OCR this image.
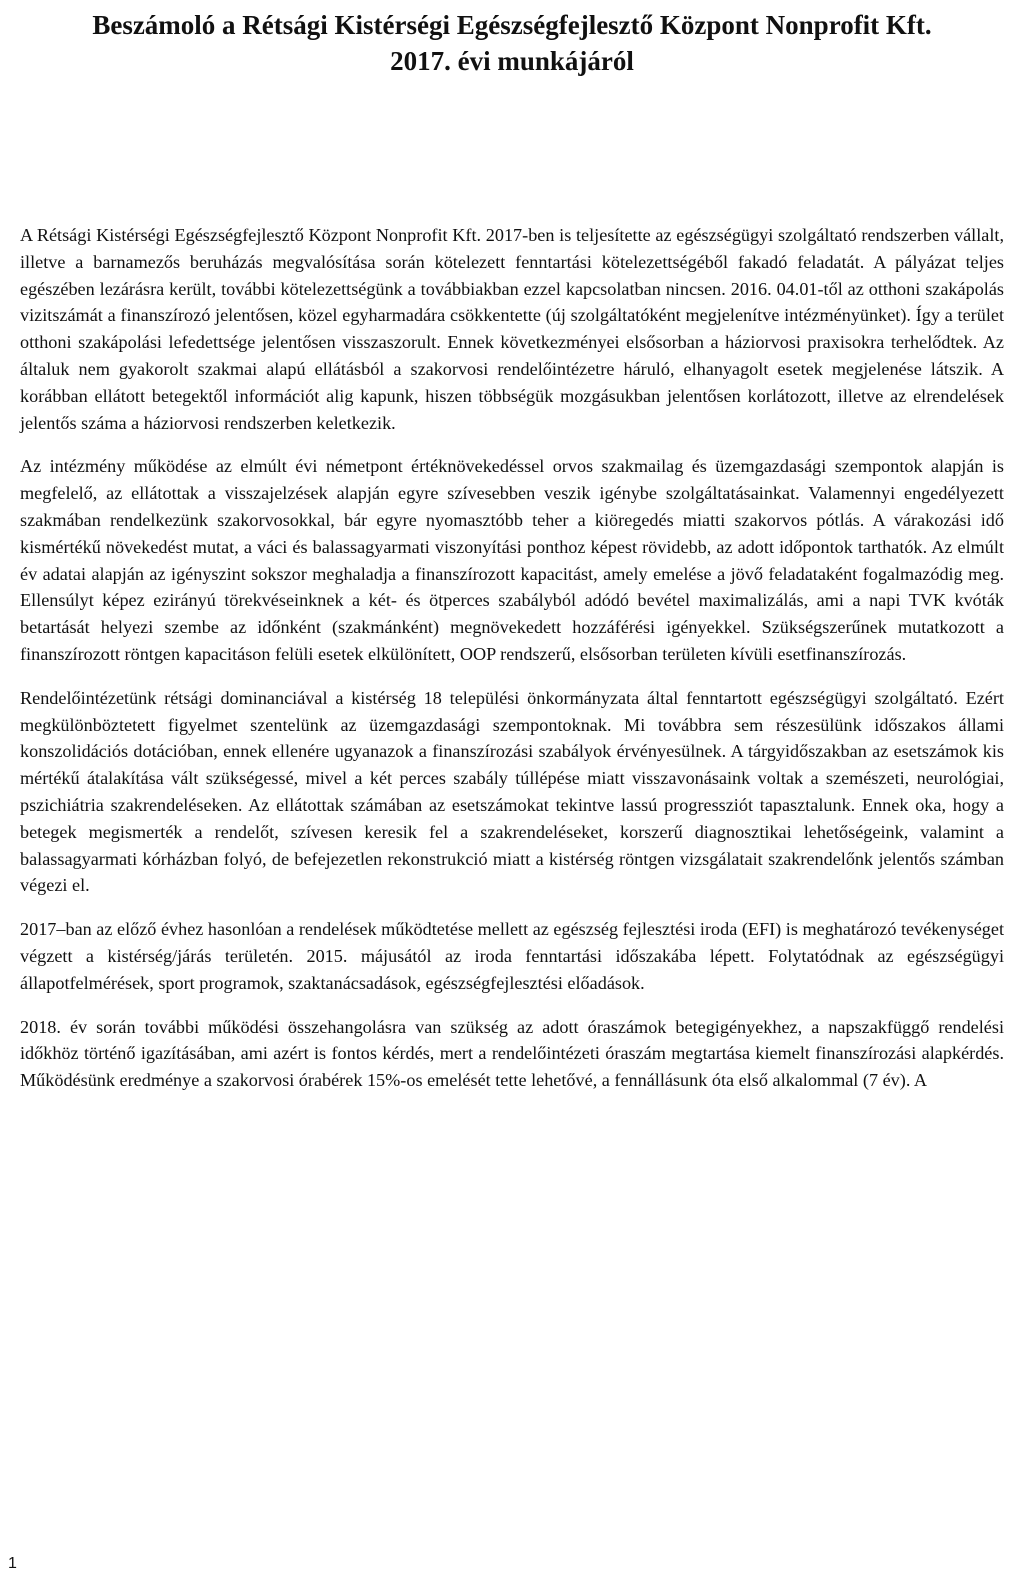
Beszámoló a Rétsági Kistérségi Egészségfejlesztő Központ Nonprofit Kft.
2017. évi munkájáról

A Rétsági Kistérségi Egészségfejlesztő Központ Nonprofit Kft. 2017-ben is teljesítette az egészségügyi szolgáltató rendszerben vállalt, illetve a barnamezős beruházás megvalósítása során kötelezett fenntartási kötelezettségéből fakadó feladatát. A pályázat teljes egészében lezárásra került, további kötelezettségünk a továbbiakban ezzel kapcsolatban nincsen. 2016. 04.01-től az otthoni szakápolás vizitszámát a finanszírozó jelentősen, közel egyharmadára csökkentette (új szolgáltatóként megjelenítve intézményünket). Így a terület otthoni szakápolási lefedettsége jelentősen visszaszorult. Ennek következményei elsősorban a háziorvosi praxisokra terhelődtek. Az általuk nem gyakorolt szakmai alapú ellátásból a szakorvosi rendelőintézetre háruló, elhanyagolt esetek megjelenése látszik. A korábban ellátott betegektől információt alig kapunk, hiszen többségük mozgásukban jelentősen korlátozott, illetve az elrendelések jelentős száma a háziorvosi rendszerben keletkezik.

Az intézmény működése az elmúlt évi németpont értéknövekedéssel orvos szakmailag és üzemgazdasági szempontok alapján is megfelelő, az ellátottak a visszajelzések alapján egyre szívesebben veszik igénybe szolgáltatásainkat. Valamennyi engedélyezett szakmában rendelkezünk szakorvosokkal, bár egyre nyomasztóbb teher a kiöregedés miatti szakorvos pótlás. A várakozási idő kismértékű növekedést mutat, a váci és balassagyarmati viszonyítási ponthoz képest rövidebb, az adott időpontok tarthatók. Az elmúlt év adatai alapján az igényszint sokszor meghaladja a finanszírozott kapacitást, amely emelése a jövő feladataként fogalmazódig meg. Ellensúlyt képez ezirányú törekvéseinknek a két- és ötperces szabályból adódó bevétel maximalizálás, ami a napi TVK kvóták betartását helyezi szembe az időnként (szakmánként) megnövekedett hozzáférési igényekkel. Szükségszerűnek mutatkozott a finanszírozott röntgen kapacitáson felüli esetek elkülönített, OOP rendszerű, elsősorban területen kívüli esetfinanszírozás.

Rendelőintézetünk rétsági dominanciával a kistérség 18 települési önkormányzata által fenntartott egészségügyi szolgáltató. Ezért megkülönböztetett figyelmet szentelünk az üzemgazdasági szempontoknak. Mi továbbra sem részesülünk időszakos állami konszolidációs dotációban, ennek ellenére ugyanazok a finanszírozási szabályok érvényesülnek. A tárgyidőszakban az esetszámok kis mértékű átalakítása vált szükségessé, mivel a két perces szabály túllépése miatt visszavonásaink voltak a szemészeti, neurológiai, pszichiátria szakrendeléseken. Az ellátottak számában az esetszámokat tekintve lassú progressziót tapasztalunk. Ennek oka, hogy a betegek megismerték a rendelőt, szívesen keresik fel a szakrendeléseket, korszerű diagnosztikai lehetőségeink, valamint a balassagyarmati kórházban folyó, de befejezetlen rekonstrukció miatt a kistérség röntgen vizsgálatait szakrendelőnk jelentős számban végezi el.

2017–ban az előző évhez hasonlóan a rendelések működtetése mellett az egészség fejlesztési iroda (EFI) is meghatározó tevékenységet végzett a kistérség/járás területén. 2015. májusától az iroda fenntartási időszakába lépett. Folytatódnak az egészségügyi állapotfelmérések, sport programok, szaktanácsadások, egészségfejlesztési előadások.

2018. év során további működési összehangolásra van szükség az adott óraszámok betegigényekhez, a napszakfüggő rendelési időkhöz történő igazításában, ami azért is fontos kérdés, mert a rendelőintézeti óraszám megtartása kiemelt finanszírozási alapkérdés. Működésünk eredménye a szakorvosi órabérek 15%-os emelését tette lehetővé, a fennállásunk óta első alkalommal (7 év). A

1
